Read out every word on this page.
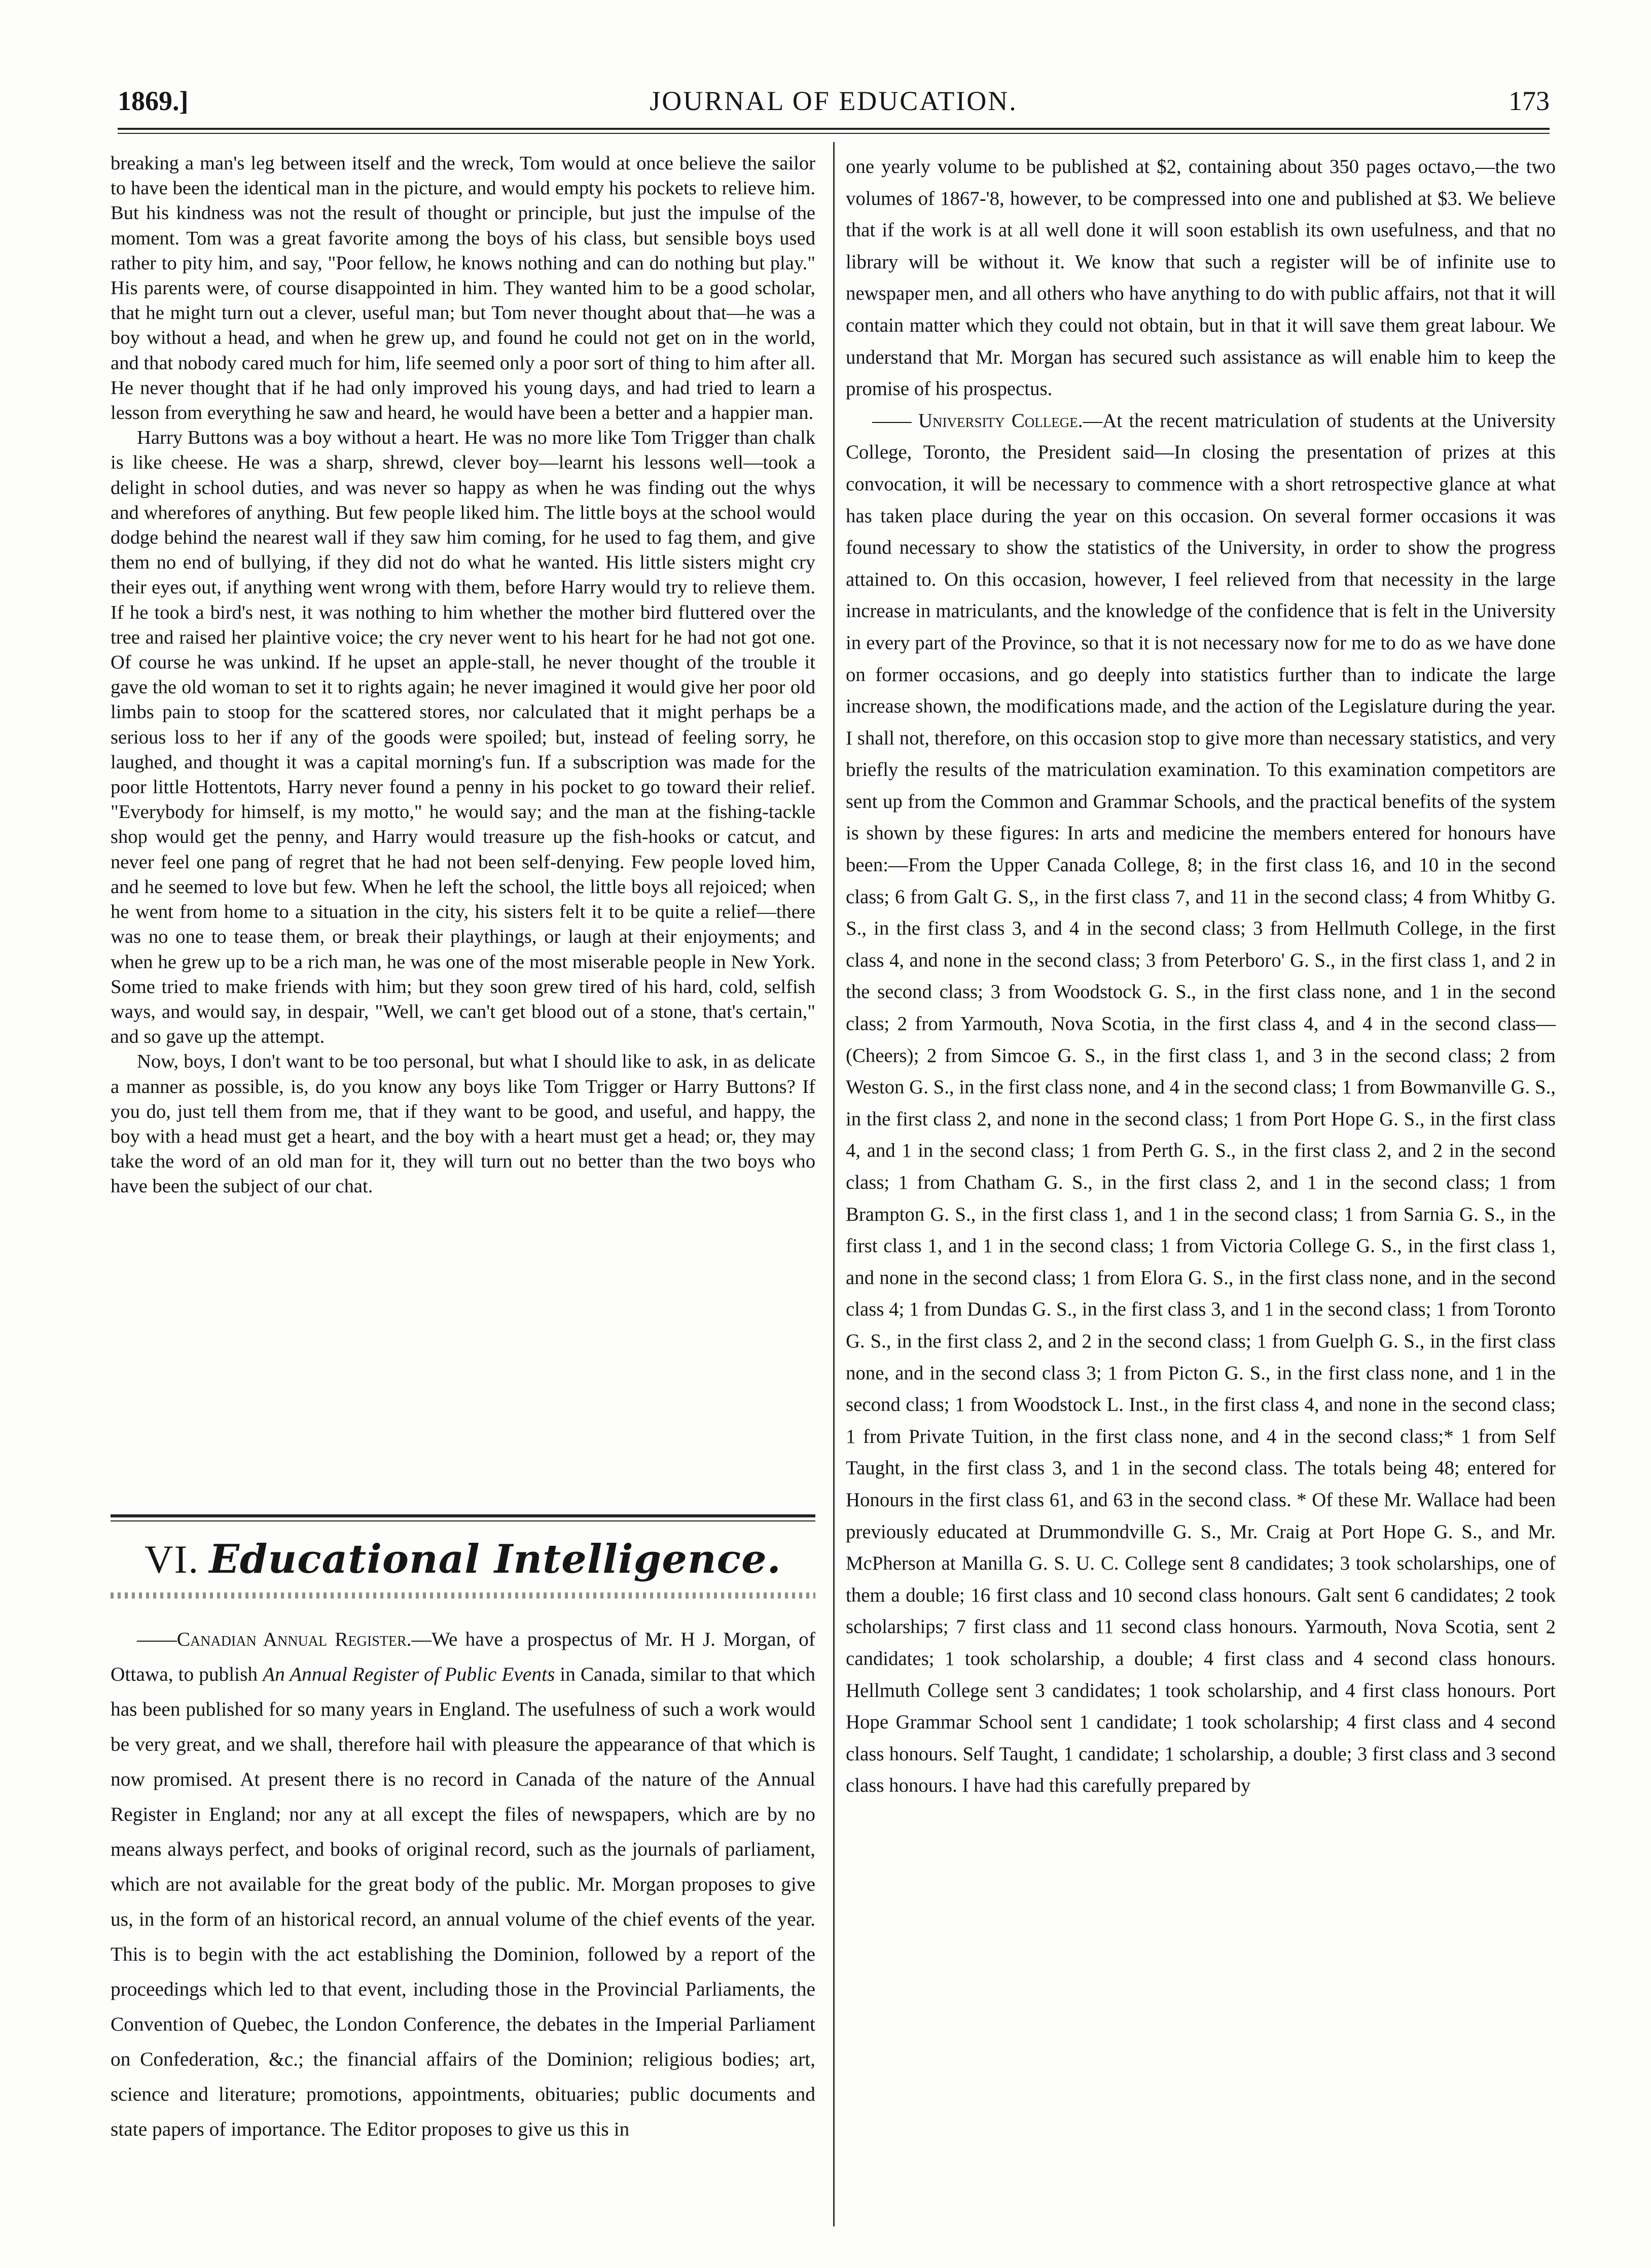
JOURNAL OF EDUCATION.
1869.]	173

breaking a man's leg between itself and the wreck, Tom would at once believe the sailor to have been the identical man in the picture, and would empty his pockets to relieve him. But his kindness was not the result of thought or principle, but just the impulse of the moment. Tom was a great favorite among the boys of his class, but sensible boys used rather to pity him, and say, "Poor fellow, he knows nothing and can do nothing but play." His parents were, of course disappointed in him. They wanted him to be a good scholar, that he might turn out a clever, useful man; but Tom never thought about that—he was a boy without a head, and when he grew up, and found he could not get on in the world, and that nobody cared much for him, life seemed only a poor sort of thing to him after all. He never thought that if he had only improved his young days, and had tried to learn a lesson from everything he saw and heard, he would have been a better and a happier man.

Harry Buttons was a boy without a heart. He was no more like Tom Trigger than chalk is like cheese. He was a sharp, shrewd, clever boy—learnt his lessons well—took a delight in school duties, and was never so happy as when he was finding out the whys and wherefores of anything. But few people liked him. The little boys at the school would dodge behind the nearest wall if they saw him coming, for he used to fag them, and give them no end of bullying, if they did not do what he wanted. His little sisters might cry their eyes out, if anything went wrong with them, before Harry would try to relieve them. If he took a bird's nest, it was nothing to him whether the mother bird fluttered over the tree and raised her plaintive voice; the cry never went to his heart for he had not got one. Of course he was unkind. If he upset an apple-stall, he never thought of the trouble it gave the old woman to set it to rights again; he never imagined it would give her poor old limbs pain to stoop for the scattered stores, nor calculated that it might perhaps be a serious loss to her if any of the goods were spoiled; but, instead of feeling sorry, he laughed, and thought it was a capital morning's fun. If a subscription was made for the poor little Hottentots, Harry never found a penny in his pocket to go toward their relief. "Everybody for himself, is my motto," he would say; and the man at the fishing-tackle shop would get the penny, and Harry would treasure up the fish-hooks or catcut, and never feel one pang of regret that he had not been self-denying. Few people loved him, and he seemed to love but few. When he left the school, the little boys all rejoiced; when he went from home to a situation in the city, his sisters felt it to be quite a relief—there was no one to tease them, or break their playthings, or laugh at their enjoyments; and when he grew up to be a rich man, he was one of the most miserable people in New York. Some tried to make friends with him; but they soon grew tired of his hard, cold, selfish ways, and would say, in despair, "Well, we can't get blood out of a stone, that's certain," and so gave up the attempt.

Now, boys, I don't want to be too personal, but what I should like to ask, in as delicate a manner as possible, is, do you know any boys like Tom Trigger or Harry Buttons? If you do, just tell them from me, that if they want to be good, and useful, and happy, the boy with a head must get a heart, and the boy with a heart must get a head; or, they may take the word of an old man for it, they will turn out no better than the two boys who have been the subject of our chat.

VI. Educational Intelligence.

——Canadian Annual Register.—We have a prospectus of Mr. H J. Morgan, of Ottawa, to publish An Annual Register of Public Events in Canada, similar to that which has been published for so many years in England. The usefulness of such a work would be very great, and we shall, therefore hail with pleasure the appearance of that which is now promised. At present there is no record in Canada of the nature of the Annual Register in England; nor any at all except the files of newspapers, which are by no means always perfect, and books of original record, such as the journals of parliament, which are not available for the great body of the public. Mr. Morgan proposes to give us, in the form of an historical record, an annual volume of the chief events of the year. This is to begin with the act establishing the Dominion, followed by a report of the proceedings which led to that event, including those in the Provincial Parliaments, the Convention of Quebec, the London Conference, the debates in the Imperial Parliament on Confederation, &c.; the financial affairs of the Dominion; religious bodies; art, science and literature; promotions, appointments, obituaries; public documents and state papers of importance. The Editor proposes to give us this in

one yearly volume to be published at $2, containing about 350 pages octavo,—the two volumes of 1867-'8, however, to be compressed into one and published at $3. We believe that if the work is at all well done it will soon establish its own usefulness, and that no library will be without it. We know that such a register will be of infinite use to newspaper men, and all others who have anything to do with public affairs, not that it will contain matter which they could not obtain, but in that it will save them great labour. We understand that Mr. Morgan has secured such assistance as will enable him to keep the promise of his prospectus.

—— University College.—At the recent matriculation of students at the University College, Toronto, the President said—In closing the presentation of prizes at this convocation, it will be necessary to commence with a short retrospective glance at what has taken place during the year on this occasion. On several former occasions it was found necessary to show the statistics of the University, in order to show the progress attained to. On this occasion, however, I feel relieved from that necessity in the large increase in matriculants, and the knowledge of the confidence that is felt in the University in every part of the Province, so that it is not necessary now for me to do as we have done on former occasions, and go deeply into statistics further than to indicate the large increase shown, the modifications made, and the action of the Legislature during the year. I shall not, therefore, on this occasion stop to give more than necessary statistics, and very briefly the results of the matriculation examination. To this examination competitors are sent up from the Common and Grammar Schools, and the practical benefits of the system is shown by these figures: In arts and medicine the members entered for honours have been:—From the Upper Canada College, 8; in the first class 16, and 10 in the second class; 6 from Galt G. S,, in the first class 7, and 11 in the second class; 4 from Whitby G. S., in the first class 3, and 4 in the second class; 3 from Hellmuth College, in the first class 4, and none in the second class; 3 from Peterboro' G. S., in the first class 1, and 2 in the second class; 3 from Woodstock G. S., in the first class none, and 1 in the second class; 2 from Yarmouth, Nova Scotia, in the first class 4, and 4 in the second class—(Cheers); 2 from Simcoe G. S., in the first class 1, and 3 in the second class; 2 from Weston G. S., in the first class none, and 4 in the second class; 1 from Bowmanville G. S., in the first class 2, and none in the second class; 1 from Port Hope G. S., in the first class 4, and 1 in the second class; 1 from Perth G. S., in the first class 2, and 2 in the second class; 1 from Chatham G. S., in the first class 2, and 1 in the second class; 1 from Brampton G. S., in the first class 1, and 1 in the second class; 1 from Sarnia G. S., in the first class 1, and 1 in the second class; 1 from Victoria College G. S., in the first class 1, and none in the second class; 1 from Elora G. S., in the first class none, and in the second class 4; 1 from Dundas G. S., in the first class 3, and 1 in the second class; 1 from Toronto G. S., in the first class 2, and 2 in the second class; 1 from Guelph G. S., in the first class none, and in the second class 3; 1 from Picton G. S., in the first class none, and 1 in the second class; 1 from Woodstock L. Inst., in the first class 4, and none in the second class; 1 from Private Tuition, in the first class none, and 4 in the second class;* 1 from Self Taught, in the first class 3, and 1 in the second class. The totals being 48; entered for Honours in the first class 61, and 63 in the second class. * Of these Mr. Wallace had been previously educated at Drummondville G. S., Mr. Craig at Port Hope G. S., and Mr. McPherson at Manilla G. S. U. C. College sent 8 candidates; 3 took scholarships, one of them a double; 16 first class and 10 second class honours. Galt sent 6 candidates; 2 took scholarships; 7 first class and 11 second class honours. Yarmouth, Nova Scotia, sent 2 candidates; 1 took scholarship, a double; 4 first class and 4 second class honours. Hellmuth College sent 3 candidates; 1 took scholarship, and 4 first class honours. Port Hope Grammar School sent 1 candidate; 1 took scholarship; 4 first class and 4 second class honours. Self Taught, 1 candidate; 1 scholarship, a double; 3 first class and 3 second class honours. I have had this carefully prepared by
